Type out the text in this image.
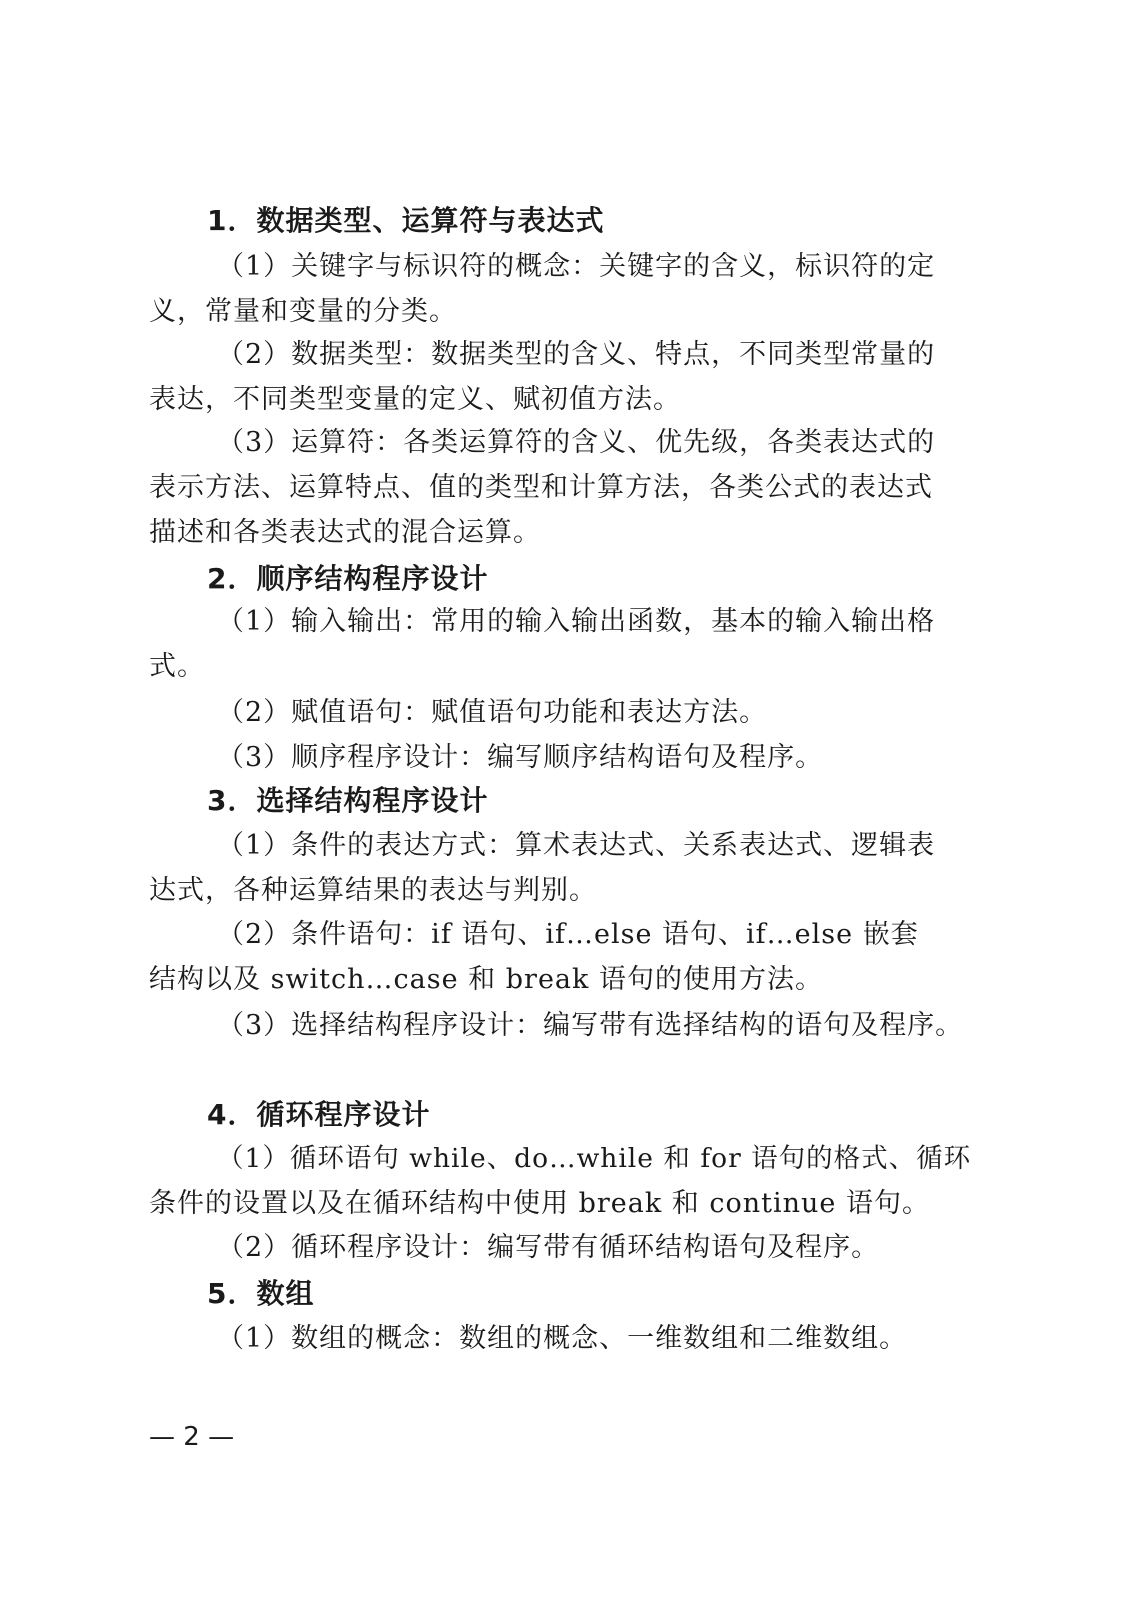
1．数据类型、运算符与表达式
（1）关键字与标识符的概念：关键字的含义，标识符的定
义，常量和变量的分类。
（2）数据类型：数据类型的含义、特点，不同类型常量的
表达，不同类型变量的定义、赋初值方法。
（3）运算符：各类运算符的含义、优先级，各类表达式的
表示方法、运算特点、值的类型和计算方法，各类公式的表达式
描述和各类表达式的混合运算。
2．顺序结构程序设计
（1）输入输出：常用的输入输出函数，基本的输入输出格
式。
（2）赋值语句：赋值语句功能和表达方法。
（3）顺序程序设计：编写顺序结构语句及程序。
3．选择结构程序设计
（1）条件的表达方式：算术表达式、关系表达式、逻辑表
达式，各种运算结果的表达与判别。
（2）条件语句：if 语句、if…else 语句、if…else 嵌套
结构以及 switch…case 和 break 语句的使用方法。
（3）选择结构程序设计：编写带有选择结构的语句及程序。
4．循环程序设计
（1）循环语句 while、do…while 和 for 语句的格式、循环
条件的设置以及在循环结构中使用 break 和 continue 语句。
（2）循环程序设计：编写带有循环结构语句及程序。
5．数组
（1）数组的概念：数组的概念、一维数组和二维数组。
— 2 —
